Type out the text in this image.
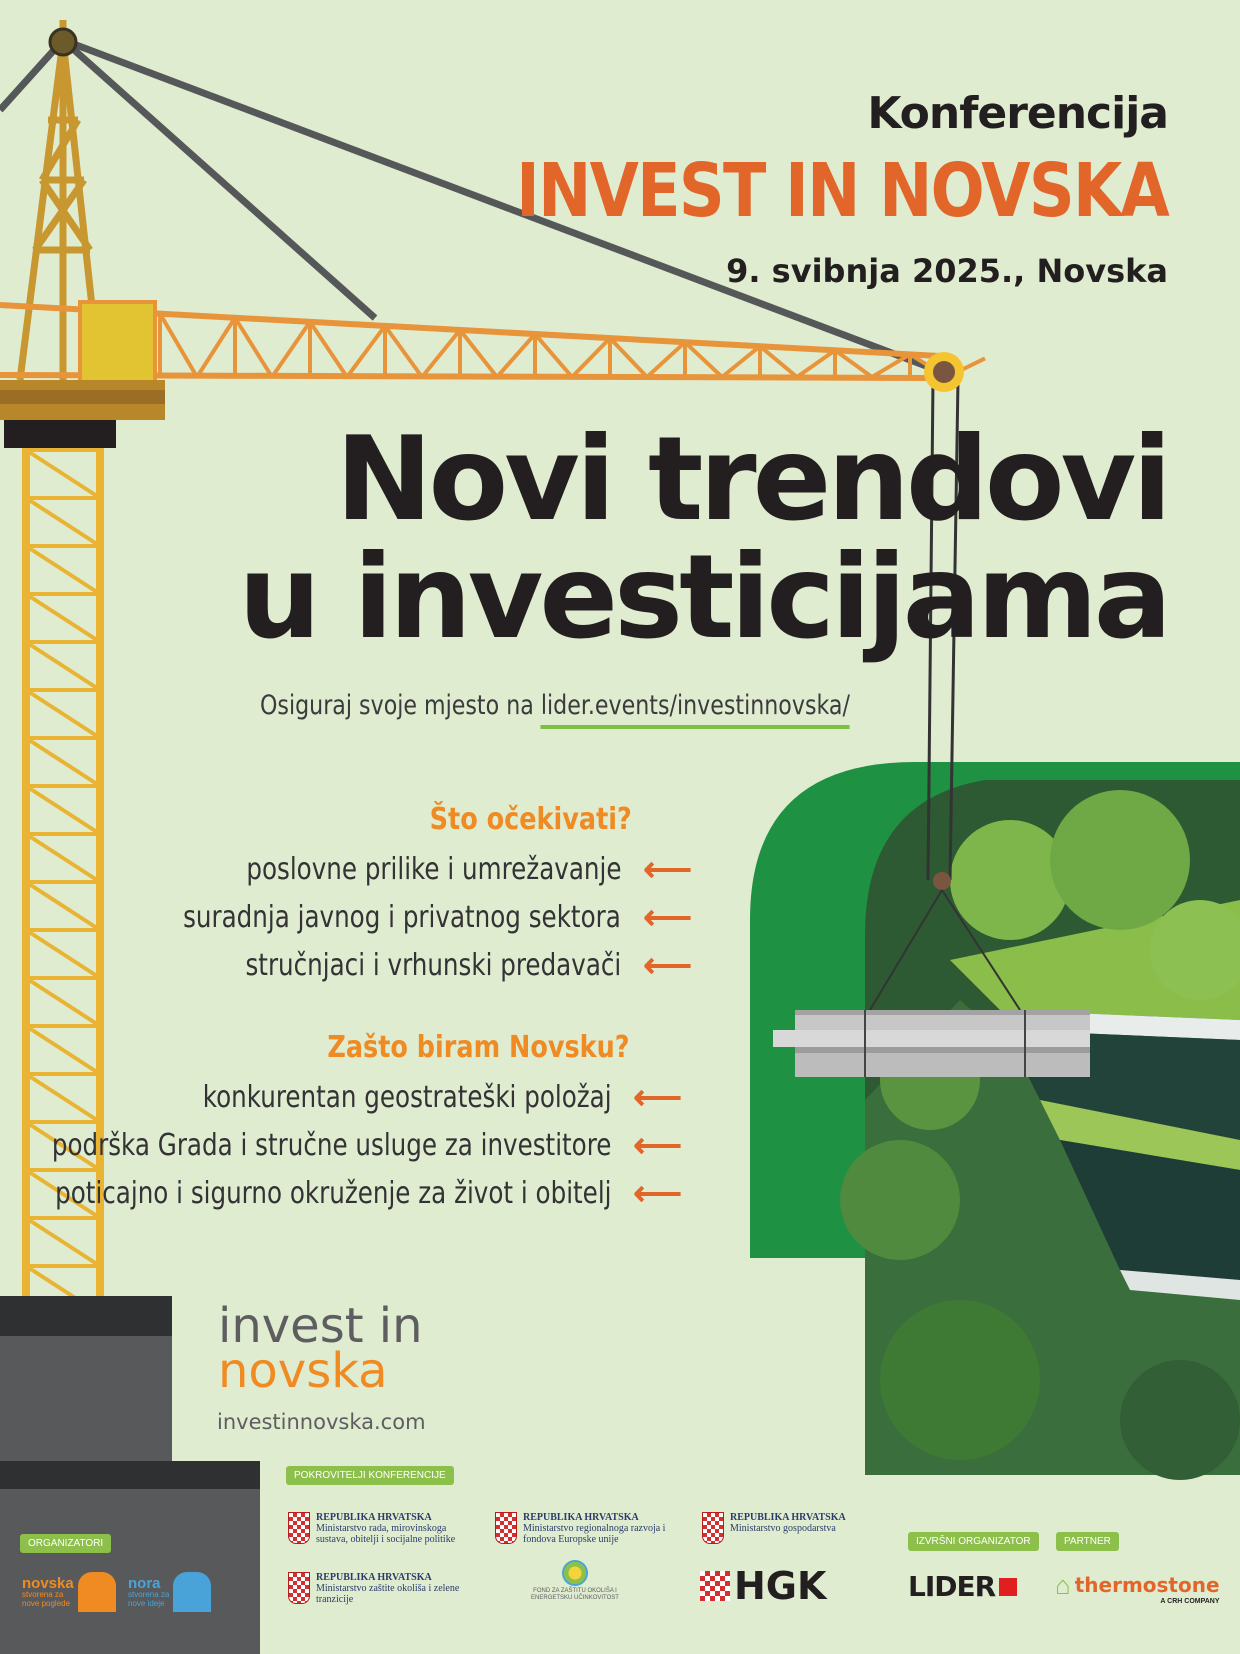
Konferencija
INVEST IN NOVSKA
9. svibnja 2025., Novska
Novi trendovi
u investicijama
Osiguraj svoje mjesto na lider.events/investinnovska/
Što očekivati?
poslovne prilike i umrežavanje ⟵
suradnja javnog i privatnog sektora ⟵
stručnjaci i vrhunski predavači ⟵
Zašto biram Novsku?
konkurentan geostrateški položaj ⟵
podrška Grada i stručne usluge za investitore ⟵
poticajno i sigurno okruženje za život i obitelj ⟵
invest in
novska
investinnovska.com
ORGANIZATORI
novska
stvorena za
nove poglede
nora
stvorena za
nove ideje
POKROVITELJI KONFERENCIJE
REPUBLIKA HRVATSKA
Ministarstvo rada, mirovinskoga sustava, obitelji i socijalne politike
REPUBLIKA HRVATSKA
Ministarstvo regionalnoga razvoja i fondova Europske unije
REPUBLIKA HRVATSKA
Ministarstvo gospodarstva
REPUBLIKA HRVATSKA
Ministarstvo zaštite okoliša i zelene tranzicije
FOND ZA ZAŠTITU OKOLIŠA I ENERGETSKU UČINKOVITOST	HGK
IZVRŠNI ORGANIZATOR
LIDER
PARTNER
⌂ thermostone
A CRH COMPANY
